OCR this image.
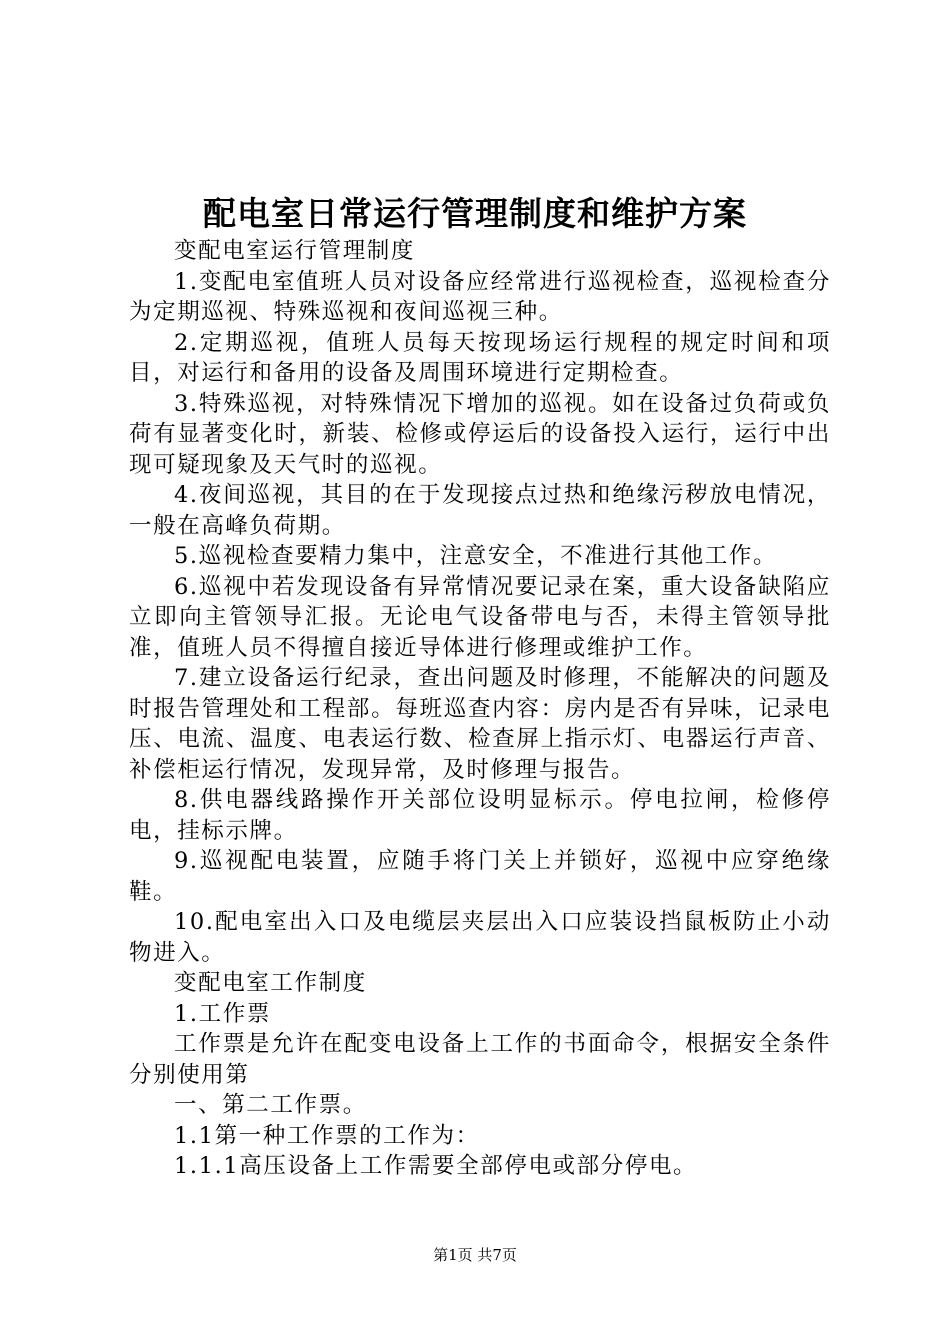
配电室日常运行管理制度和维护方案

变配电室运行管理制度

1.变配电室值班人员对设备应经常进行巡视检查，巡视检查分为定期巡视、特殊巡视和夜间巡视三种。

2.定期巡视，值班人员每天按现场运行规程的规定时间和项目，对运行和备用的设备及周围环境进行定期检查。

3.特殊巡视，对特殊情况下增加的巡视。如在设备过负荷或负荷有显著变化时，新装、检修或停运后的设备投入运行，运行中出现可疑现象及天气时的巡视。

4.夜间巡视，其目的在于发现接点过热和绝缘污秽放电情况，一般在高峰负荷期。

5.巡视检查要精力集中，注意安全，不准进行其他工作。

6.巡视中若发现设备有异常情况要记录在案，重大设备缺陷应立即向主管领导汇报。无论电气设备带电与否，未得主管领导批准，值班人员不得擅自接近导体进行修理或维护工作。

7.建立设备运行纪录，查出问题及时修理，不能解决的问题及时报告管理处和工程部。每班巡查内容：房内是否有异味，记录电压、电流、温度、电表运行数、检查屏上指示灯、电器运行声音、补偿柜运行情况，发现异常，及时修理与报告。

8.供电器线路操作开关部位设明显标示。停电拉闸，检修停电，挂标示牌。

9.巡视配电装置，应随手将门关上并锁好，巡视中应穿绝缘鞋。

10.配电室出入口及电缆层夹层出入口应装设挡鼠板防止小动物进入。

变配电室工作制度

1.工作票

工作票是允许在配变电设备上工作的书面命令，根据安全条件分别使用第

一、第二工作票。

1.1第一种工作票的工作为：

1.1.1高压设备上工作需要全部停电或部分停电。

第1页 共7页
